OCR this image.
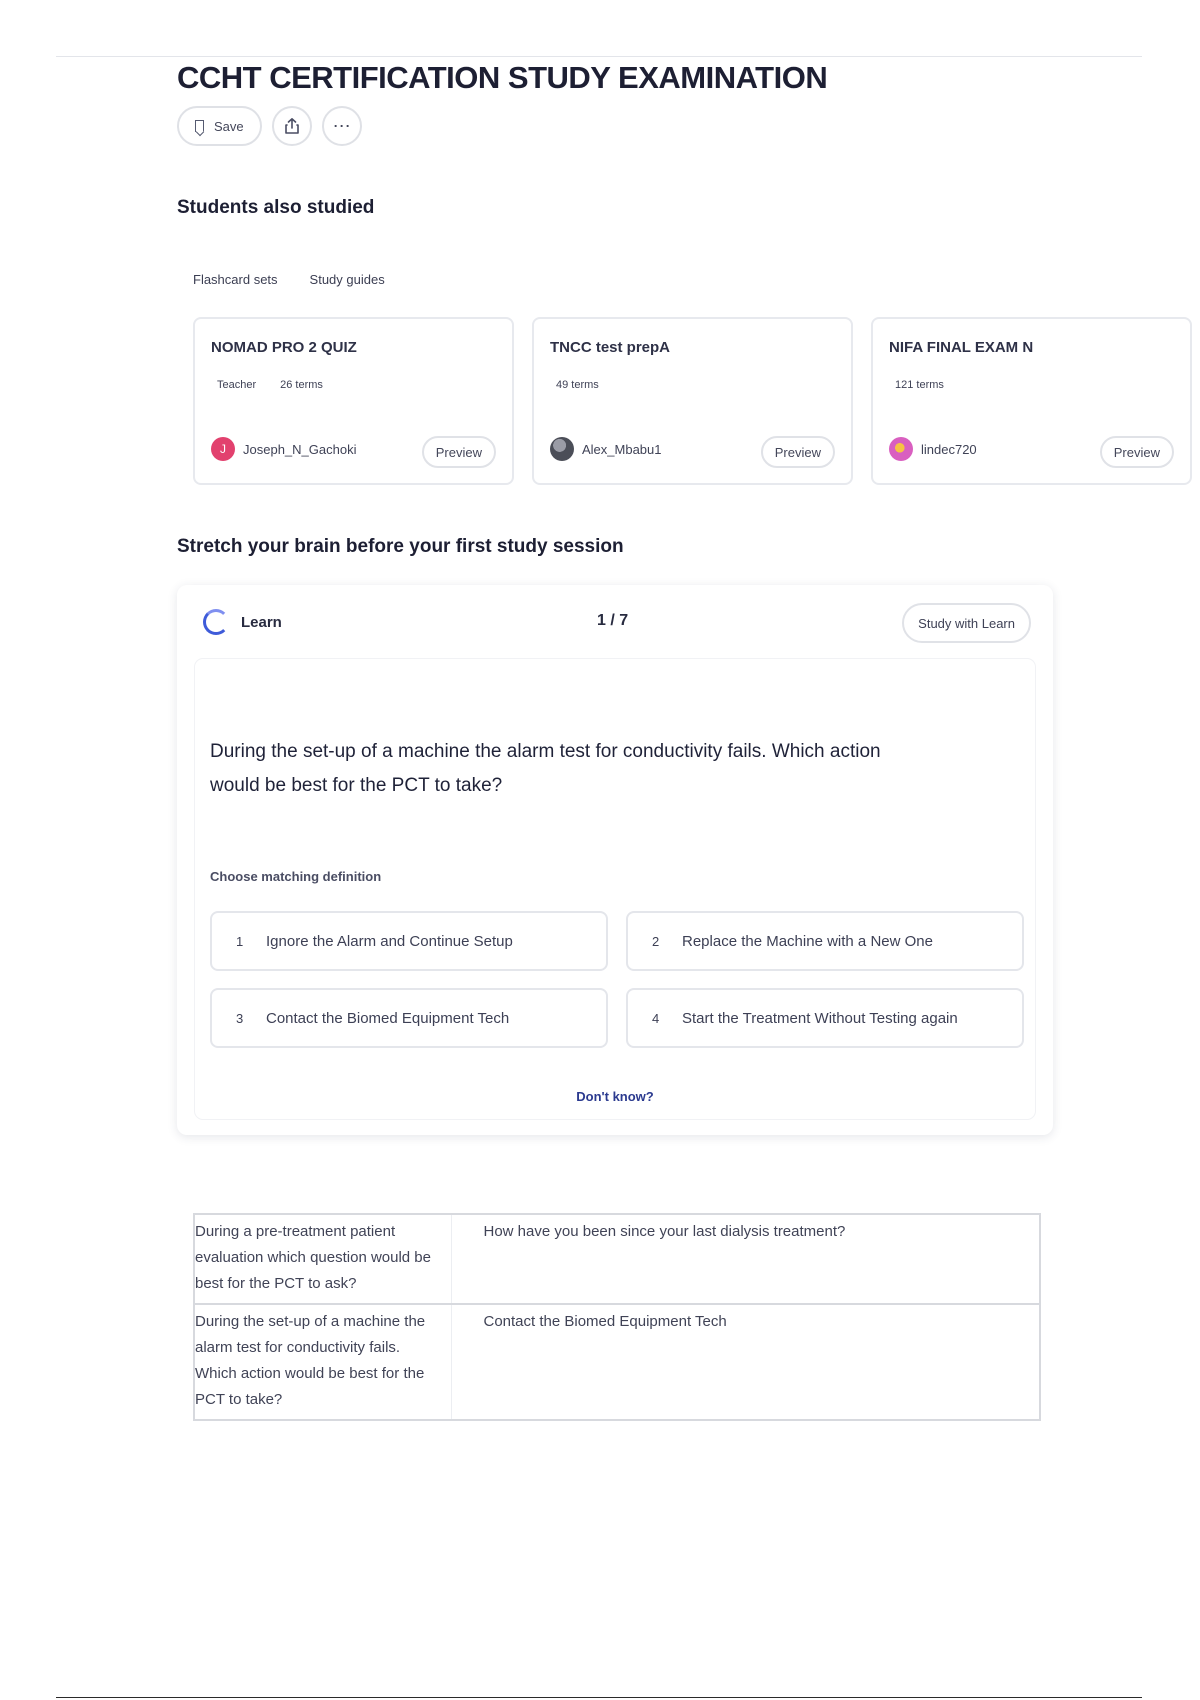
CCHT CERTIFICATION STUDY EXAMINATION
Save	⋯
Students also studied
Flashcard sets Study guides
NOMAD PRO 2 QUIZ
Teacher 26 terms
J Joseph_N_Gachoki	Preview
TNCC test prepA
49 terms
Alex_Mbabu1	Preview
NIFA FINAL EXAM N
121 terms
lindec720	Preview
Stretch your brain before your first study session
Learn	1 / 7	Study with Learn
During the set-up of a machine the alarm test for conductivity fails. Which action would be best for the PCT to take?
Choose matching definition
1	Ignore the Alarm and Continue Setup	2	Replace the Machine with a New One
3	Contact the Biomed Equipment Tech	4	Start the Treatment Without Testing again
Don't know?
During a pre-treatment patient evaluation which question would be best for the PCT to ask?	How have you been since your last dialysis treatment?
During the set-up of a machine the alarm test for conductivity fails. Which action would be best for the PCT to take?	Contact the Biomed Equipment Tech
